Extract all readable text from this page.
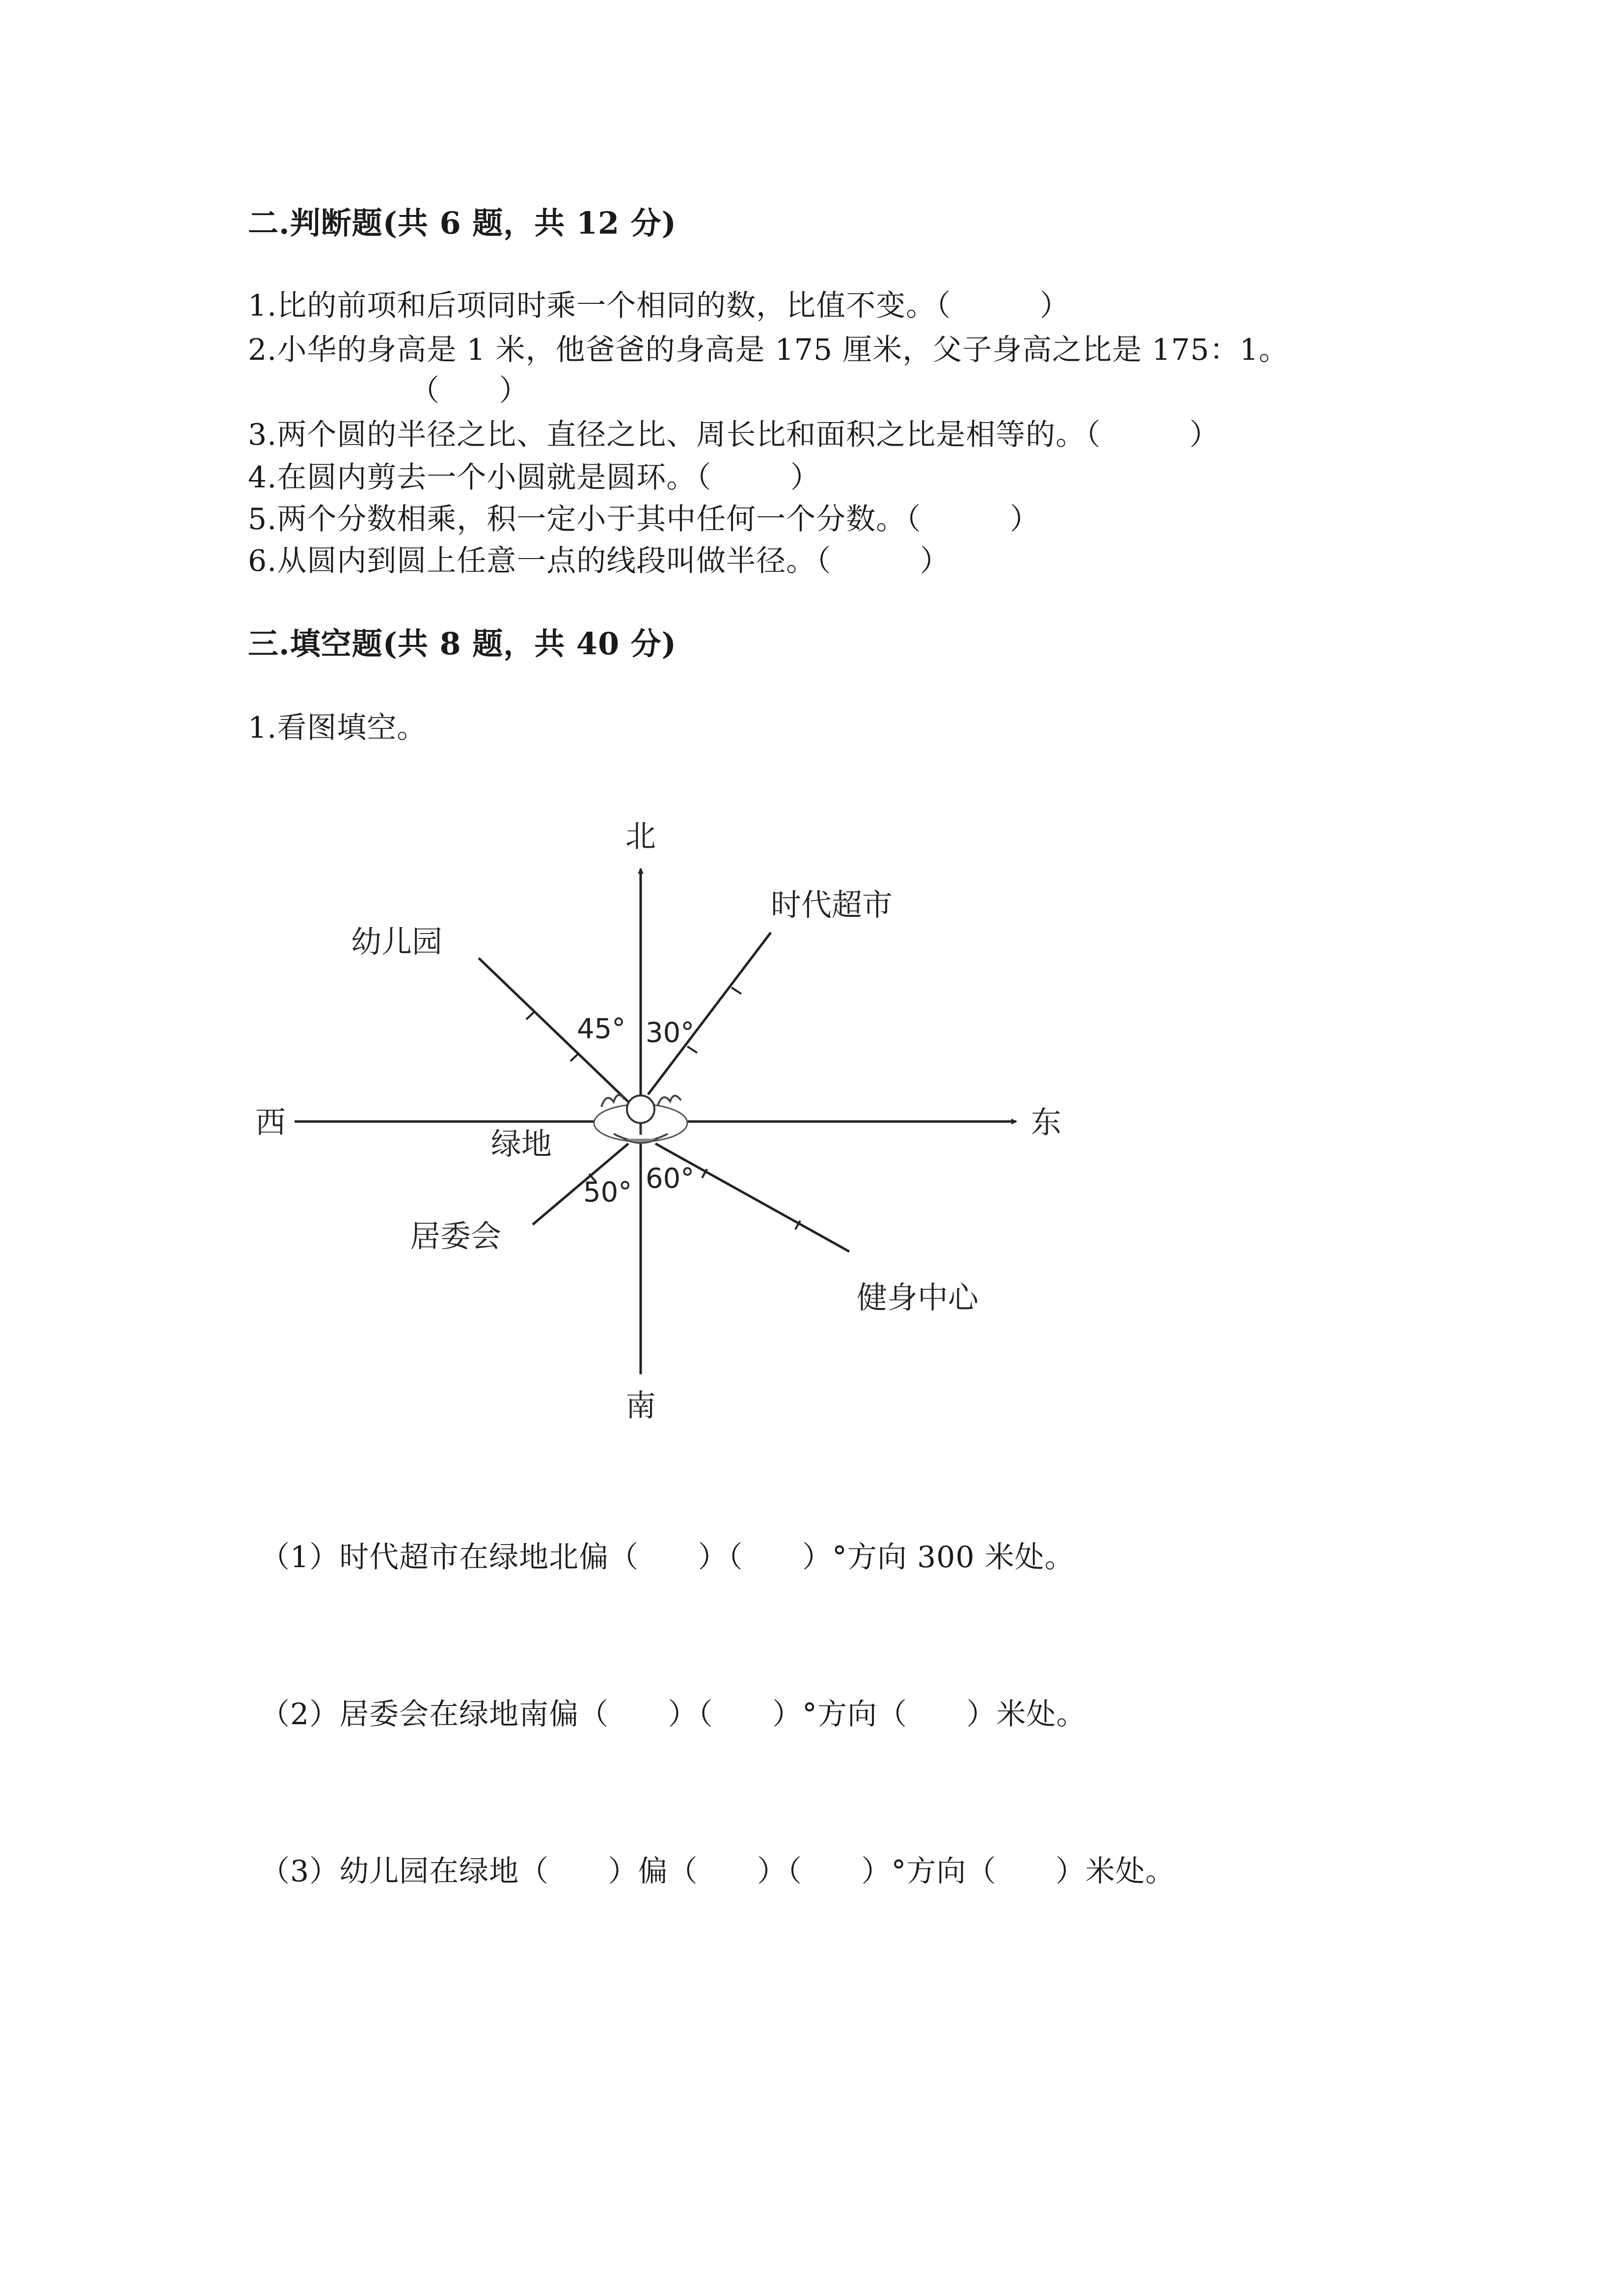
二.判断题(共 6 题，共 12 分)
1.比的前项和后项同时乘一个相同的数，比值不变。（	）
2.小华的身高是 1 米，他爸爸的身高是 175 厘米，父子身高之比是 175：1。
（ ）
3.两个圆的半径之比、直径之比、周长比和面积之比是相等的。（	）
4.在圆内剪去一个小圆就是圆环。（	）
5.两个分数相乘，积一定小于其中任何一个分数。（	）
6.从圆内到圆上任意一点的线段叫做半径。（	）
三.填空题(共 8 题，共 40 分)
1.看图填空。
北
南
东
西
绿地
时代超市
幼儿园
居委会
健身中心
30°
45°
50° 60°
（1）时代超市在绿地北偏（ ）（ ）°方向 300 米处。
（2）居委会在绿地南偏（ ）（ ）°方向（ ）米处。
（3）幼儿园在绿地（ ）偏（ ）（ ）°方向（ ）米处。
